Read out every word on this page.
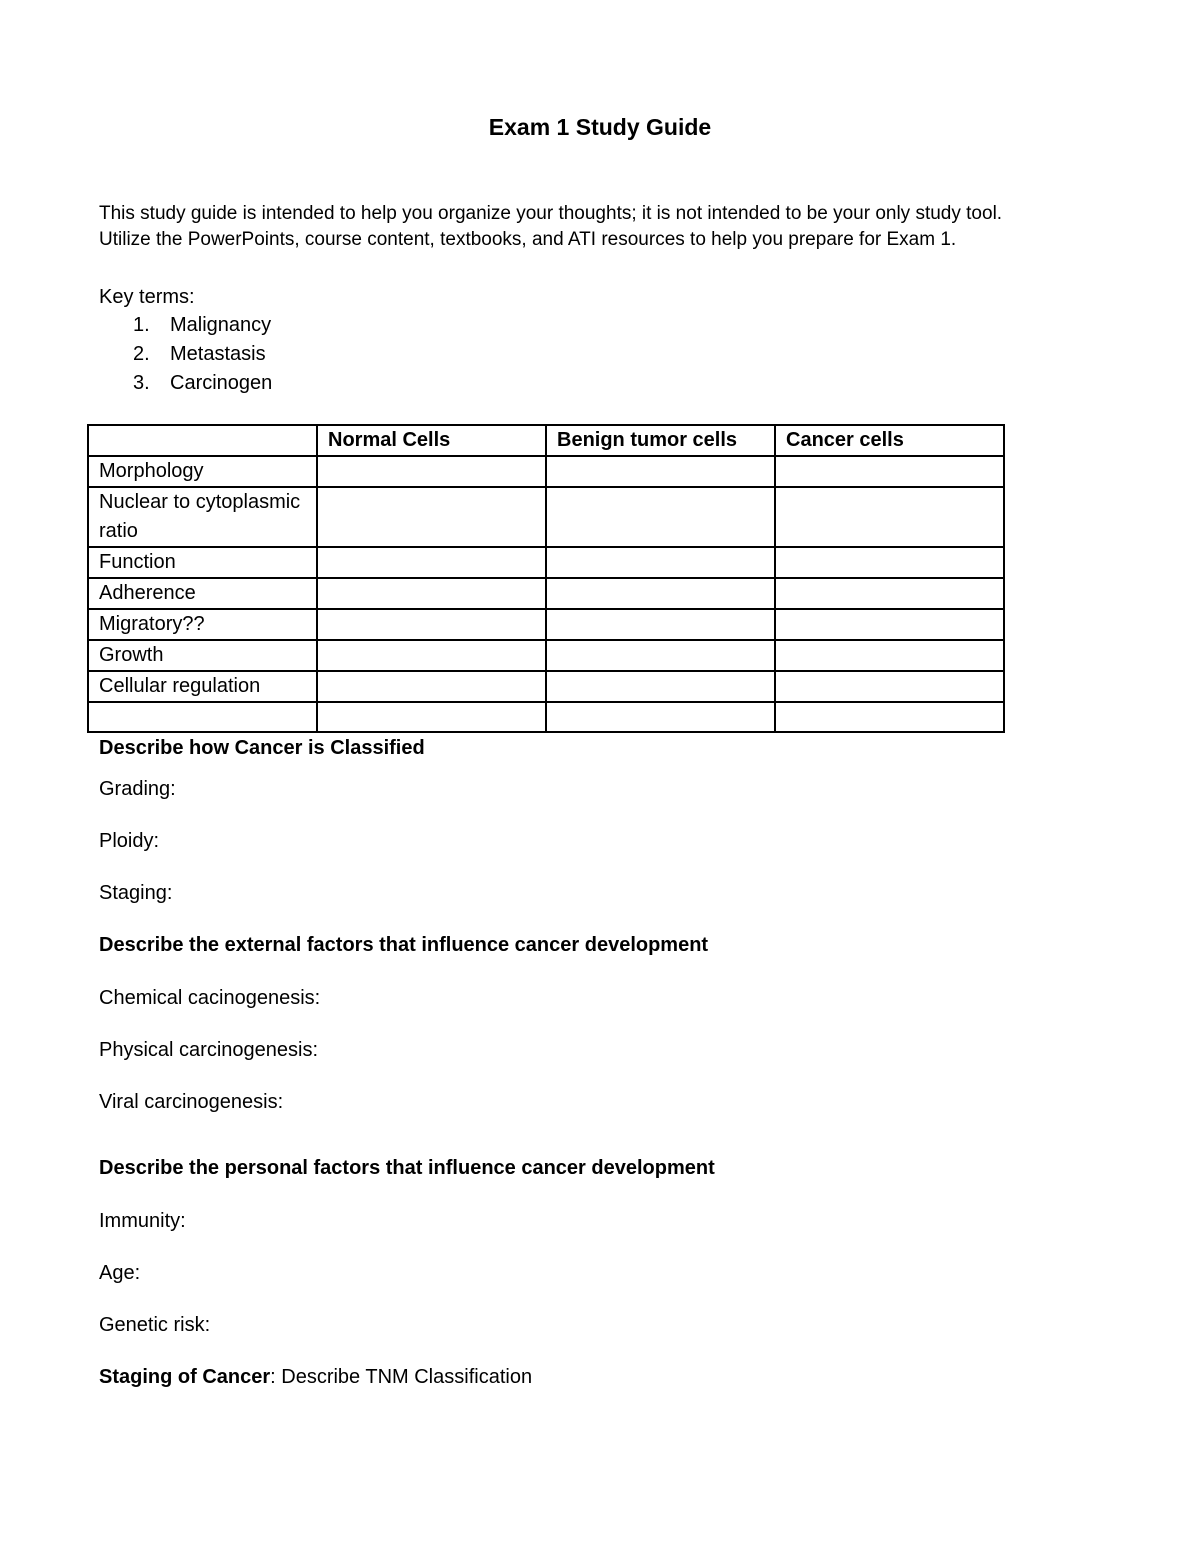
Exam 1 Study Guide

This study guide is intended to help you organize your thoughts; it is not intended to be your only study tool.

Utilize the PowerPoints, course content, textbooks, and ATI resources to help you prepare for Exam 1.

Key terms:
1.	Malignancy
2.	Metastasis
3.	Carcinogen
	Normal Cells	Benign tumor cells	Cancer cells
Morphology			
Nuclear to cytoplasmic ratio			
Function			
Adherence			
Migratory??			
Growth			
Cellular regulation			

Describe how Cancer is Classified
Grading:
Ploidy:
Staging:
Describe the external factors that influence cancer development
Chemical cacinogenesis:
Physical carcinogenesis:
Viral carcinogenesis:
Describe the personal factors that influence cancer development
Immunity:
Age:
Genetic risk:
Staging of Cancer: Describe TNM Classification
